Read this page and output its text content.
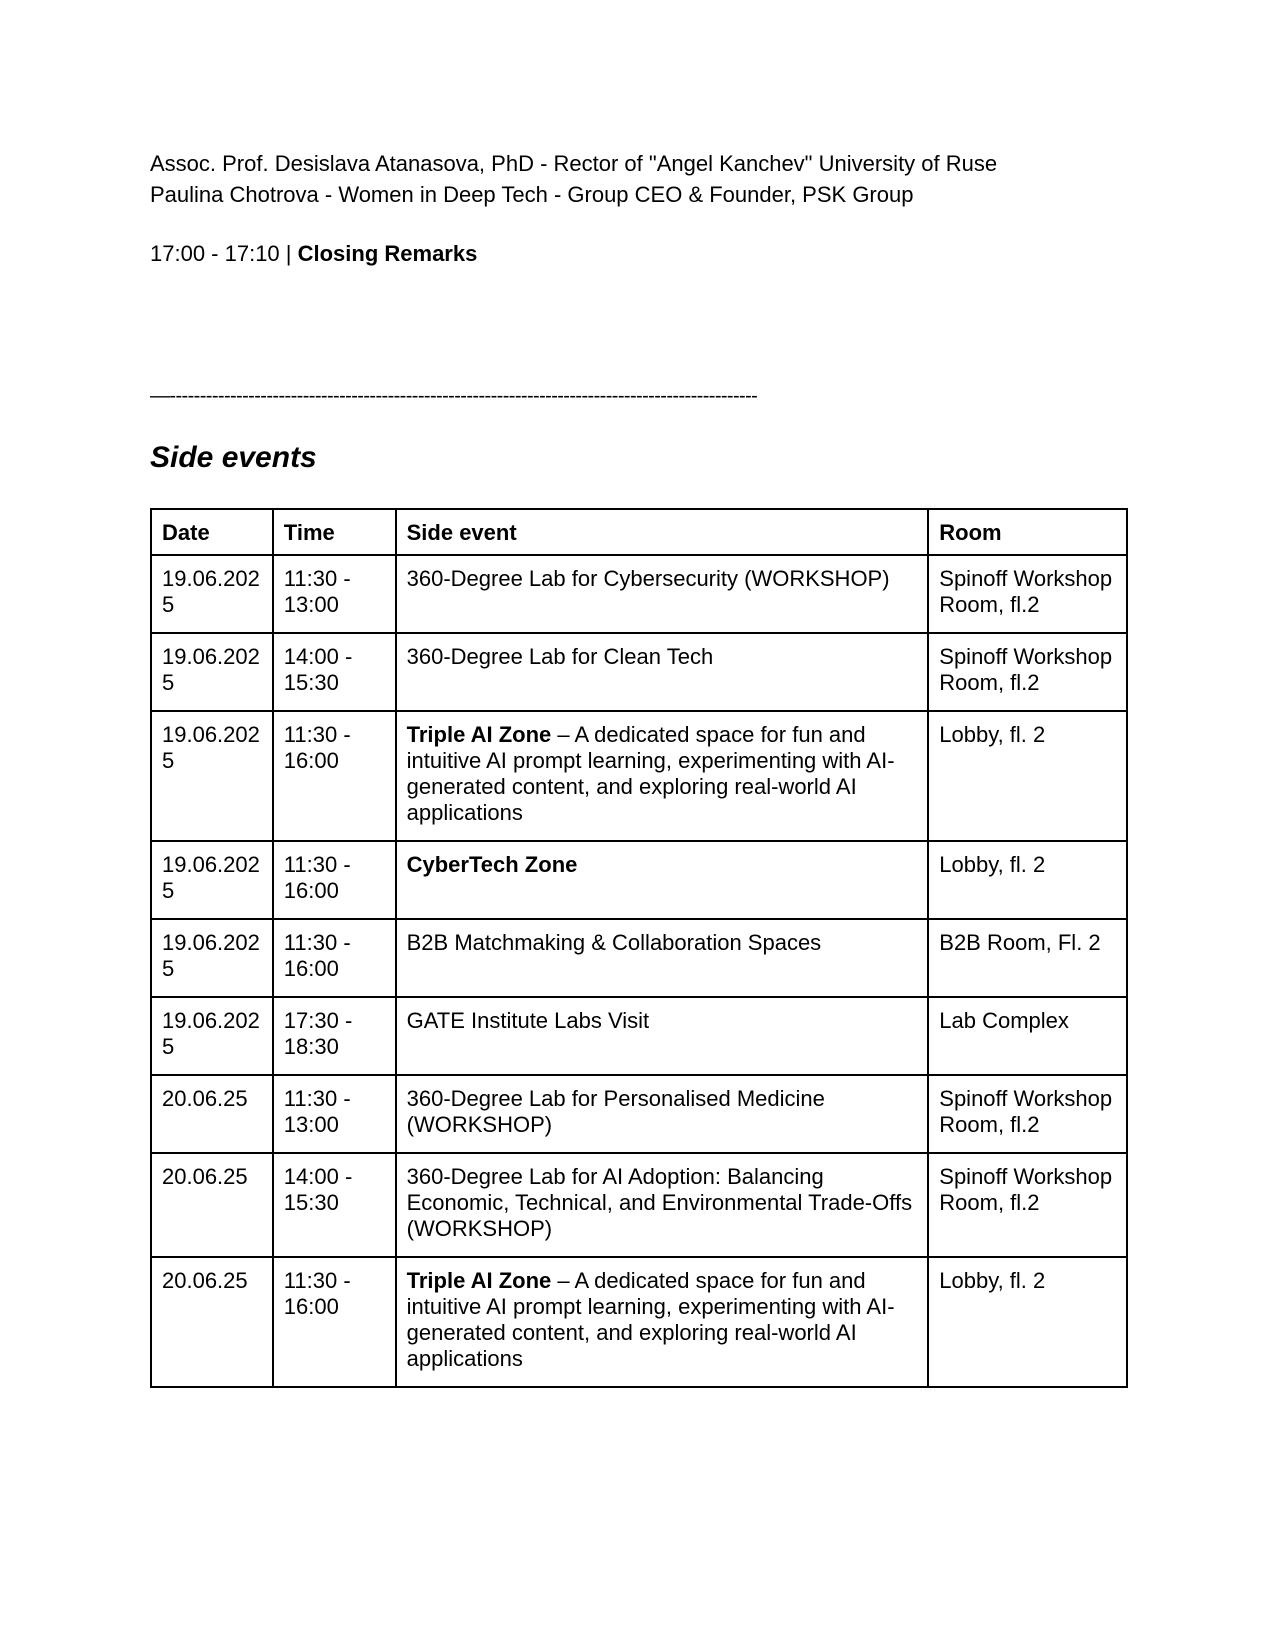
Assoc. Prof. Desislava Atanasova, PhD - Rector of "Angel Kanchev" University of Ruse
Paulina Chotrova - Women in Deep Tech - Group CEO & Founder, PSK Group
17:00 - 17:10 | Closing Remarks
—-------------------------------------------------------------------------------------------------
Side events
Date	Time	Side event	Room
19.06.2025	11:30 - 13:00	360-Degree Lab for Cybersecurity (WORKSHOP)	Spinoff Workshop Room, fl.2
19.06.2025	14:00 - 15:30	360-Degree Lab for Clean Tech	Spinoff Workshop Room, fl.2
19.06.2025	11:30 - 16:00	Triple AI Zone – A dedicated space for fun and intuitive AI prompt learning, experimenting with AI-generated content, and exploring real-world AI applications	Lobby, fl. 2
19.06.2025	11:30 - 16:00	CyberTech Zone	Lobby, fl. 2
19.06.2025	11:30 - 16:00	B2B Matchmaking & Collaboration Spaces	B2B Room, Fl. 2
19.06.2025	17:30 - 18:30	GATE Institute Labs Visit	Lab Complex
20.06.25	11:30 - 13:00	360-Degree Lab for Personalised Medicine (WORKSHOP)	Spinoff Workshop Room, fl.2
20.06.25	14:00 - 15:30	360-Degree Lab for AI Adoption: Balancing Economic, Technical, and Environmental Trade-Offs (WORKSHOP)	Spinoff Workshop Room, fl.2
20.06.25	11:30 - 16:00	Triple AI Zone – A dedicated space for fun and intuitive AI prompt learning, experimenting with AI-generated content, and exploring real-world AI applications	Lobby, fl. 2
